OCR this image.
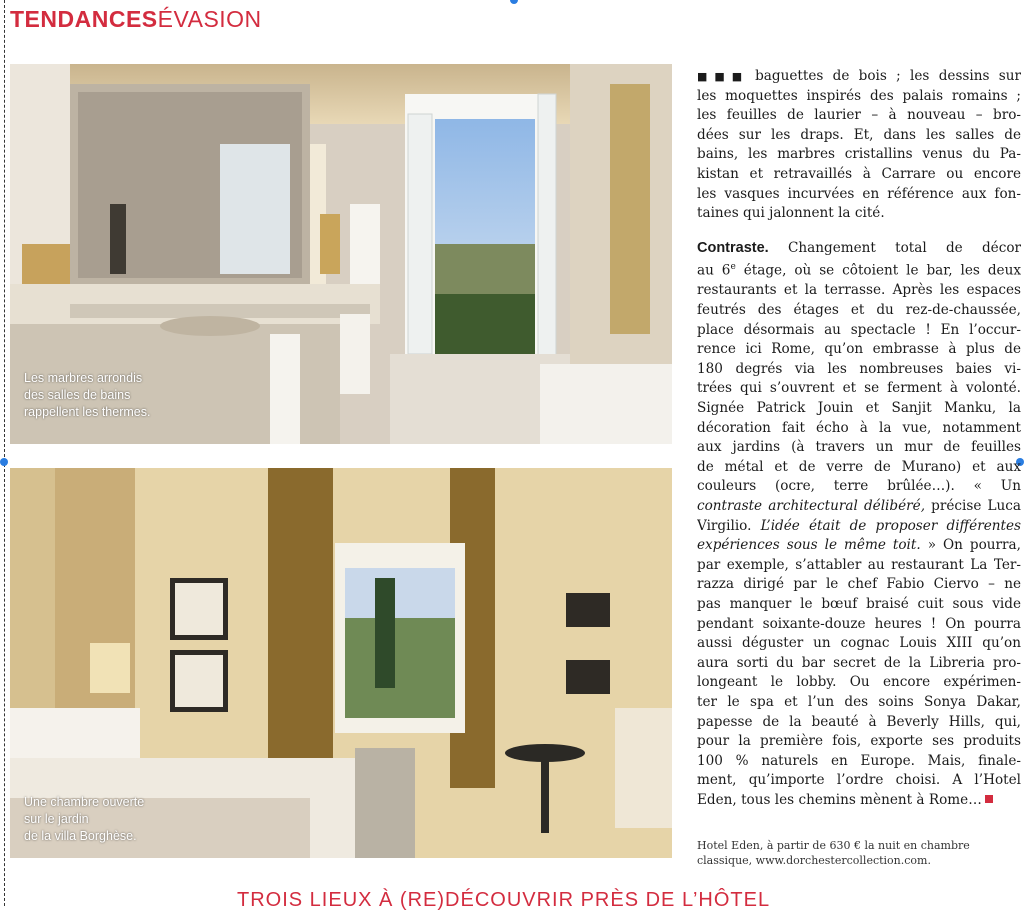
TENDANCESÉVASION
Les marbres arrondis
des salles de bains
rappellent les thermes.
Une chambre ouverte
sur le jardin
de la villa Borghèse.
■■■ baguettes de bois ; les dessins sur
les moquettes inspirés des palais romains ;
les feuilles de laurier – à nouveau – bro-
dées sur les draps. Et, dans les salles de
bains, les marbres cristallins venus du Pa-
kistan et retravaillés à Carrare ou encore
les vasques incurvées en référence aux fon-
taines qui jalonnent la cité.
Contraste. Changement total de décor
au 6e étage, où se côtoient le bar, les deux
restaurants et la terrasse. Après les espaces
feutrés des étages et du rez-de-chaussée,
place désormais au spectacle ! En l’occur-
rence ici Rome, qu’on embrasse à plus de
180 degrés via les nombreuses baies vi-
trées qui s’ouvrent et se ferment à volonté.
Signée Patrick Jouin et Sanjit Manku, la
décoration fait écho à la vue, notamment
aux jardins (à travers un mur de feuilles
de métal et de verre de Murano) et aux
couleurs (ocre, terre brûlée…). « Un
contraste architectural délibéré, précise Luca
Virgilio. L’idée était de proposer différentes
expériences sous le même toit. » On pourra,
par exemple, s’attabler au restaurant La Ter-
razza dirigé par le chef Fabio Ciervo – ne
pas manquer le bœuf braisé cuit sous vide
pendant soixante-douze heures ! On pourra
aussi déguster un cognac Louis XIII qu’on
aura sorti du bar secret de la Libreria pro-
longeant le lobby. Ou encore expérimen-
ter le spa et l’un des soins Sonya Dakar,
papesse de la beauté à Beverly Hills, qui,
pour la première fois, exporte ses produits
100 % naturels en Europe. Mais, finale-
ment, qu’importe l’ordre choisi. A l’Hotel
Eden, tous les chemins mènent à Rome…
Hotel Eden, à partir de 630 € la nuit en chambre
classique, www.dorchestercollection.com.
TROIS LIEUX À (RE)DÉCOUVRIR PRÈS DE L’HÔTEL
